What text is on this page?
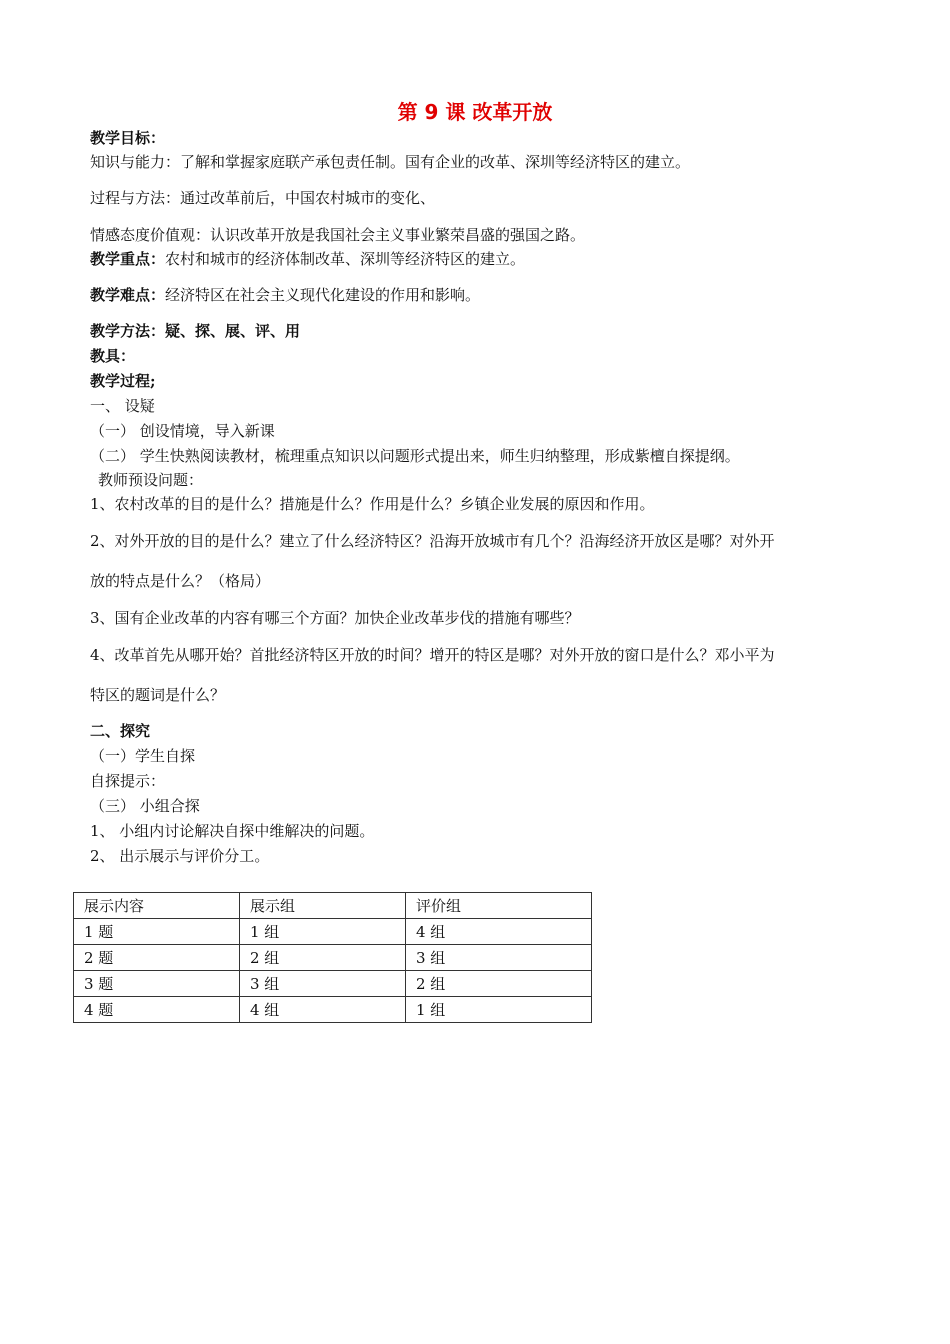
第 9 课 改革开放
教学目标：
知识与能力：了解和掌握家庭联产承包责任制。国有企业的改革、深圳等经济特区的建立。
过程与方法：通过改革前后，中国农村城市的变化、
情感态度价值观：认识改革开放是我国社会主义事业繁荣昌盛的强国之路。
教学重点：农村和城市的经济体制改革、深圳等经济特区的建立。
教学难点：经济特区在社会主义现代化建设的作用和影响。
教学方法：疑、探、展、评、用
教具：
教学过程;
一、 设疑
（一） 创设情境，导入新课
（二） 学生快熟阅读教材，梳理重点知识以问题形式提出来，师生归纳整理，形成紫檀自探提纲。
教师预设问题：
1、农村改革的目的是什么？措施是什么？作用是什么？乡镇企业发展的原因和作用。
2、对外开放的目的是什么？建立了什么经济特区？沿海开放城市有几个？沿海经济开放区是哪？对外开
放的特点是什么？（格局）
3、国有企业改革的内容有哪三个方面？加快企业改革步伐的措施有哪些？
4、改革首先从哪开始？首批经济特区开放的时间？增开的特区是哪？对外开放的窗口是什么？邓小平为
特区的题词是什么？
二、探究
（一）学生自探
自探提示：
（三） 小组合探
1、 小组内讨论解决自探中维解决的问题。
2、 出示展示与评价分工。
展示内容	展示组	评价组
1 题	1 组	4 组
2 题	2 组	3 组
3 题	3 组	2 组
4 题	4 组	1 组
